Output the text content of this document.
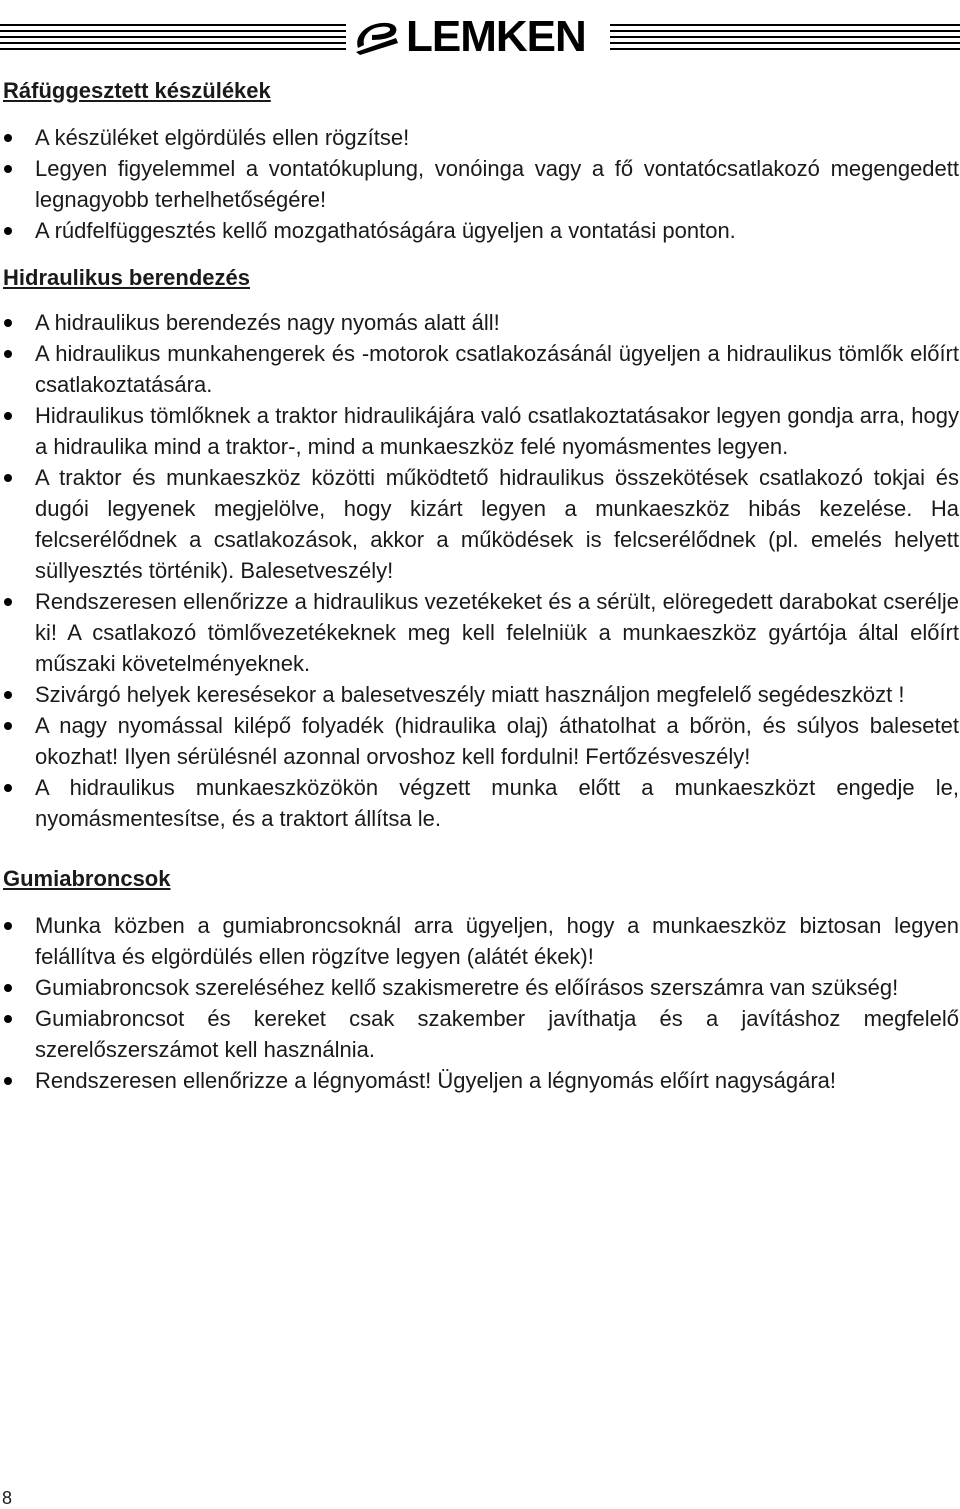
LEMKEN
Ráfüggesztett készülékek
A készüléket elgördülés ellen rögzítse!
Legyen figyelemmel a vontatókuplung, vonóinga vagy a fő vontatócsatlakozó megengedett legnagyobb terhelhetőségére!
A rúdfelfüggesztés kellő mozgathatóságára ügyeljen a vontatási ponton.
Hidraulikus berendezés
A hidraulikus berendezés nagy nyomás alatt áll!
A hidraulikus munkahengerek és -motorok csatlakozásánál ügyeljen a hidraulikus tömlők előírt csatlakoztatására.
Hidraulikus tömlőknek a traktor hidraulikájára való csatlakoztatásakor legyen gondja arra, hogy a hidraulika mind a traktor-, mind a munkaeszköz felé nyomásmentes legyen.
A traktor és munkaeszköz közötti működtető hidraulikus összekötések csatlakozó tokjai és dugói legyenek megjelölve, hogy kizárt legyen a munkaeszköz hibás kezelése. Ha felcserélődnek a csatlakozások, akkor a működések is felcserélődnek (pl. emelés helyett süllyesztés történik). Balesetveszély!
Rendszeresen ellenőrizze a hidraulikus vezetékeket és a sérült, elöregedett darabokat cserélje ki! A csatlakozó tömlővezetékeknek meg kell felelniük a munkaeszköz gyártója által előírt műszaki követelményeknek.
Szivárgó helyek keresésekor a balesetveszély miatt használjon megfelelő segédeszközt !
A nagy nyomással kilépő folyadék (hidraulika olaj) áthatolhat a bőrön, és súlyos balesetet okozhat! Ilyen sérülésnél azonnal orvoshoz kell fordulni! Fertőzésveszély!
A hidraulikus munkaeszközökön végzett munka előtt a munkaeszközt engedje le, nyomásmentesítse, és a traktort állítsa le.
Gumiabroncsok
Munka közben a gumiabroncsoknál arra ügyeljen, hogy a munkaeszköz biztosan legyen felállítva és elgördülés ellen rögzítve legyen (alátét ékek)!
Gumiabroncsok szereléséhez kellő szakismeretre és előírásos szerszámra van szükség!
Gumiabroncsot és kereket csak szakember javíthatja és a javításhoz megfelelő szerelőszerszámot kell használnia.
Rendszeresen ellenőrizze a légnyomást! Ügyeljen a légnyomás előírt nagyságára!
8
